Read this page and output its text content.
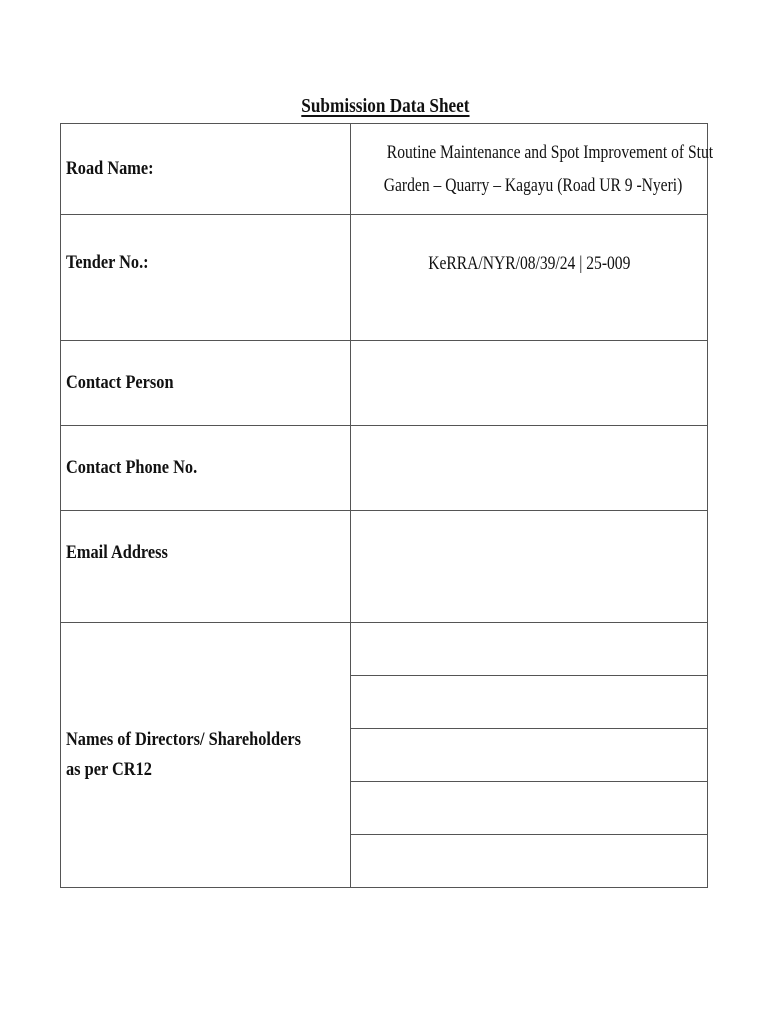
Submission Data Sheet
Road Name:	Routine Maintenance and Spot Improvement of Stut
Garden – Quarry – Kagayu (Road UR 9 -Nyeri)
Tender No.:	KeRRA/NYR/08/39/24 | 25-009
Contact Person	
Contact Phone No.	
Email Address	

Names of Directors/ Shareholders
as per CR12	
